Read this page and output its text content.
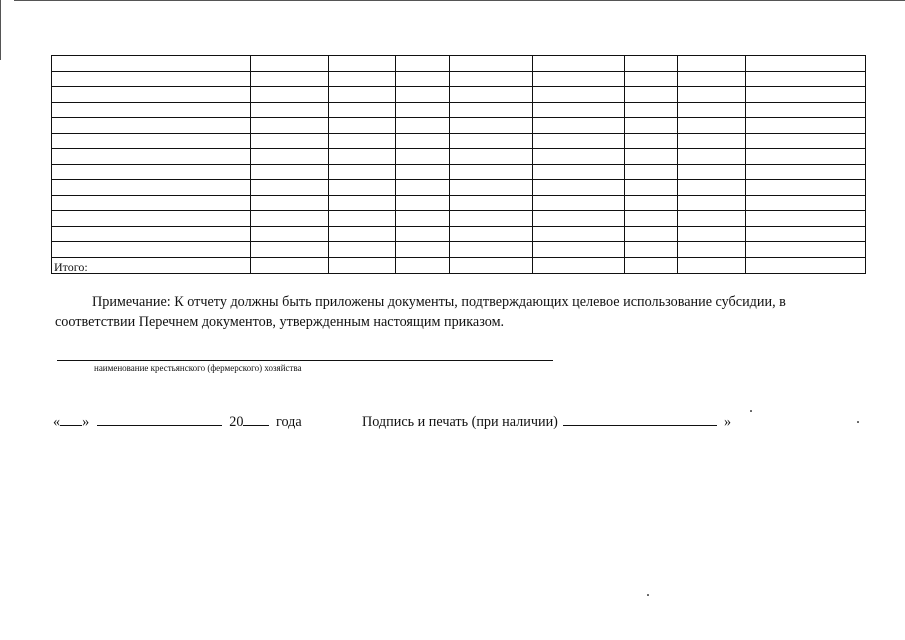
Итого:								
Примечание: К отчету должны быть приложены документы, подтверждающих целевое использование субсидии, в соответствии Перечнем документов, утвержденным настоящим приказом.
наименование крестьянского (фермерского) хозяйства
« »	20 года	Подпись и печать (при наличии)	»
